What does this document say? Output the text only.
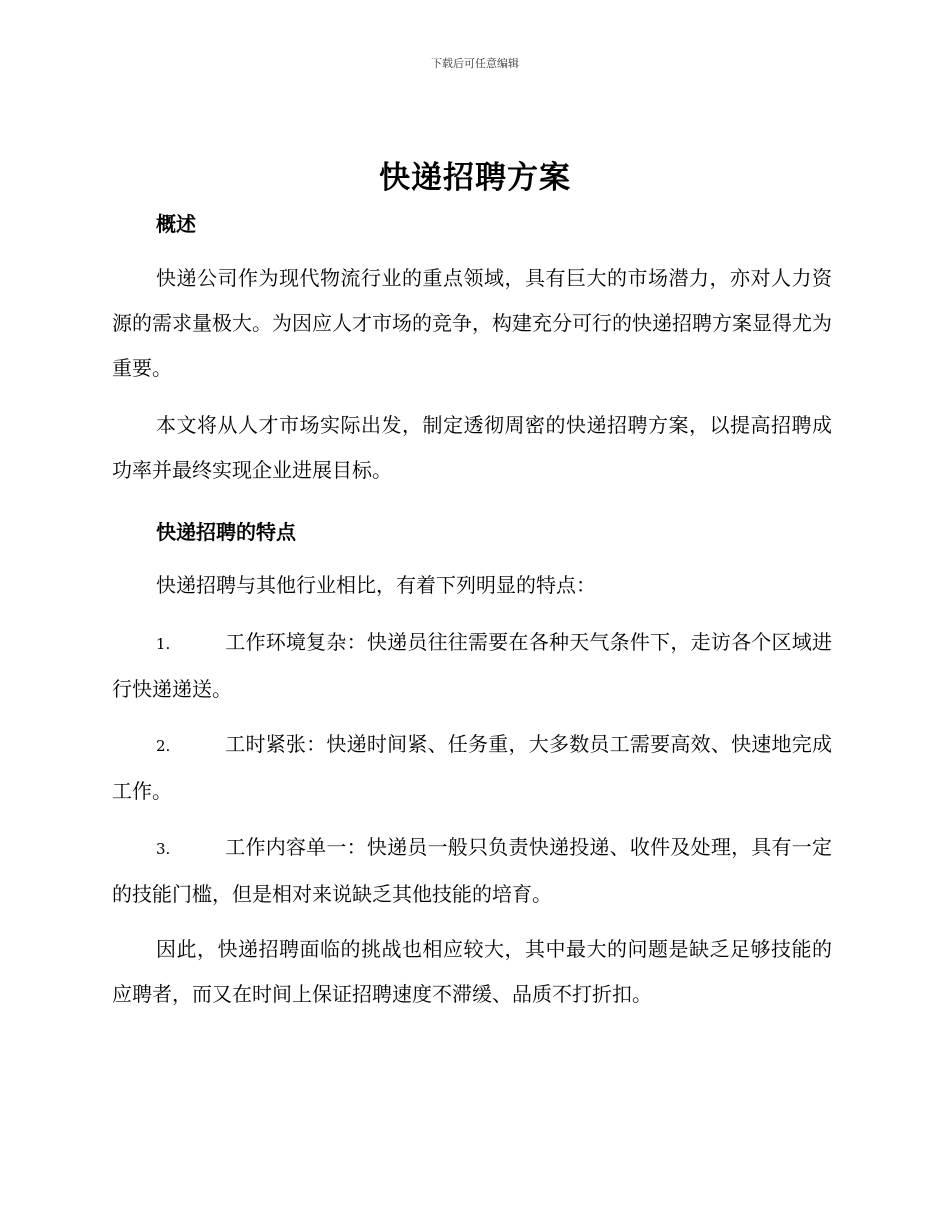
下载后可任意编辑
快递招聘方案
概述

快递公司作为现代物流行业的重点领域，具有巨大的市场潜力，亦对人力资源的需求量极大。为因应人才市场的竞争，构建充分可行的快递招聘方案显得尤为重要。

本文将从人才市场实际出发，制定透彻周密的快递招聘方案，以提高招聘成功率并最终实现企业进展目标。

快递招聘的特点

快递招聘与其他行业相比，有着下列明显的特点：

1.	工作环境复杂：快递员往往需要在各种天气条件下，走访各个区域进行快递递送。

2.	工时紧张：快递时间紧、任务重，大多数员工需要高效、快速地完成工作。

3.	工作内容单一：快递员一般只负责快递投递、收件及处理，具有一定的技能门槛，但是相对来说缺乏其他技能的培育。

因此，快递招聘面临的挑战也相应较大，其中最大的问题是缺乏足够技能的应聘者，而又在时间上保证招聘速度不滞缓、品质不打折扣。
